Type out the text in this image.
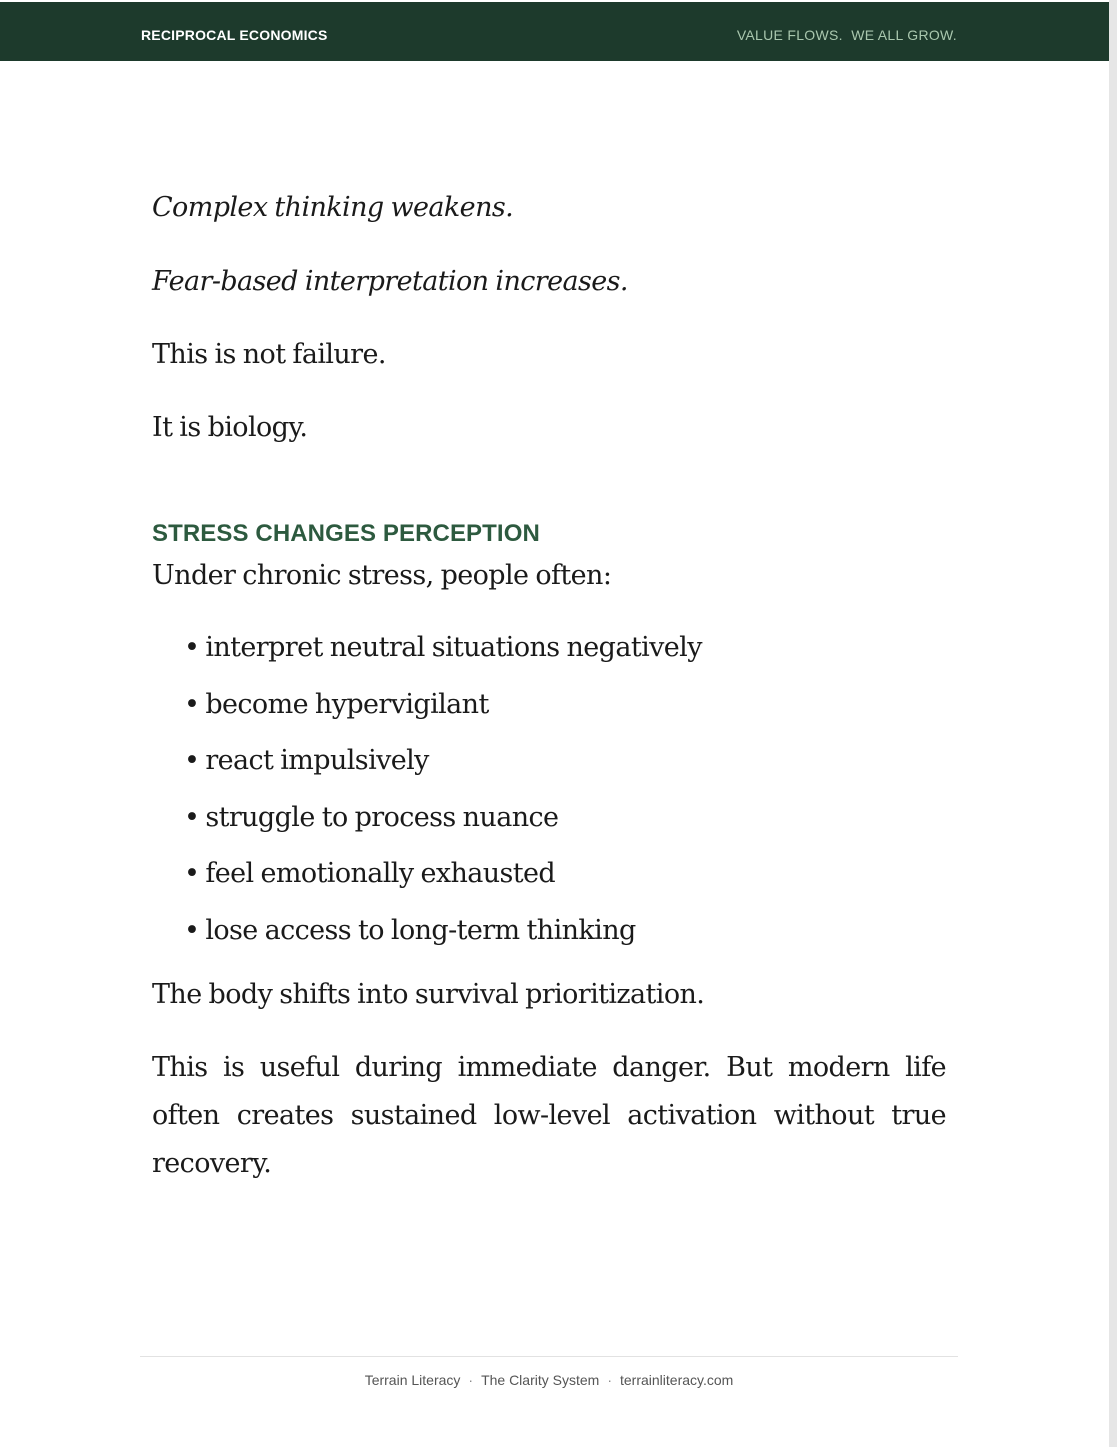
RECIPROCAL ECONOMICS	VALUE FLOWS.  WE ALL GROW.

Complex thinking weakens.

Fear-based interpretation increases.

This is not failure.

It is biology.

STRESS CHANGES PERCEPTION

Under chronic stress, people often:

• interpret neutral situations negatively
• become hypervigilant
• react impulsively
• struggle to process nuance
• feel emotionally exhausted
• lose access to long-term thinking

The body shifts into survival prioritization.

This is useful during immediate danger. But modern life often creates sustained low-level activation without true recovery.

Terrain Literacy · The Clarity System · terrainliteracy.com
